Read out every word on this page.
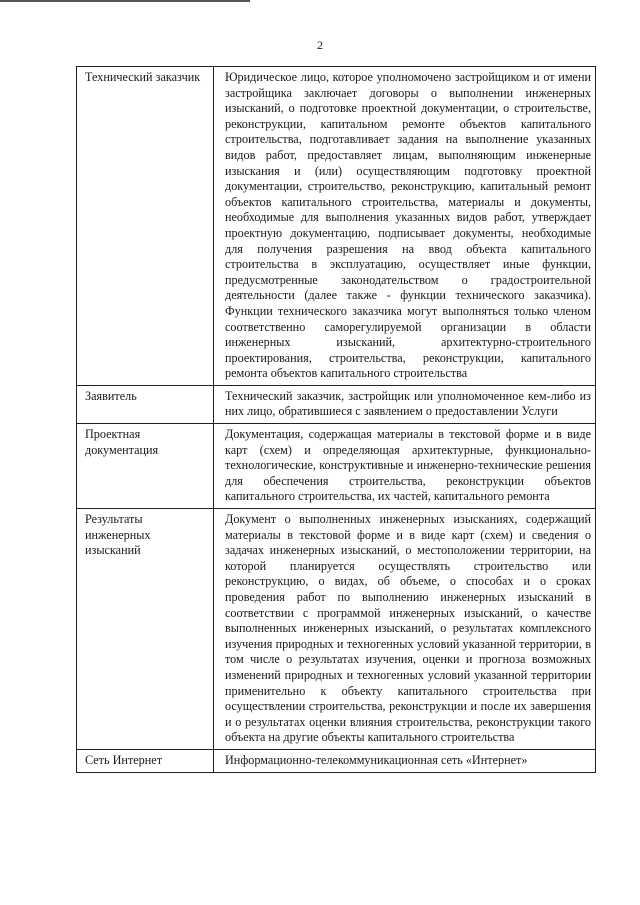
2
Технический заказчик	Юридическое лицо, которое уполномочено застройщиком и от имени застройщика заключает договоры о выполнении инженерных изысканий, о подготовке проектной документации, о строительстве, реконструкции, капитальном ремонте объектов капитального строительства, подготавливает задания на выполнение указанных видов работ, предоставляет лицам, выполняющим инженерные изыскания и (или) осуществляющим подготовку проектной документации, строительство, реконструкцию, капитальный ремонт объектов капитального строительства, материалы и документы, необходимые для выполнения указанных видов работ, утверждает проектную документацию, подписывает документы, необходимые для получения разрешения на ввод объекта капитального строительства в эксплуатацию, осуществляет иные функции, предусмотренные законодательством о градостроительной деятельности (далее также - функции технического заказчика). Функции технического заказчика могут выполняться только членом соответственно саморегулируемой организации в области инженерных изысканий, архитектурно-строительного проектирования, строительства, реконструкции, капитального ремонта объектов капитального строительства
Заявитель	Технический заказчик, застройщик или уполномоченное кем-либо из них лицо, обратившиеся с заявлением о предоставлении Услуги
Проектная документация	Документация, содержащая материалы в текстовой форме и в виде карт (схем) и определяющая архитектурные, функционально-технологические, конструктивные и инженерно-технические решения для обеспечения строительства, реконструкции объектов капитального строительства, их частей, капитального ремонта
Результаты инженерных изысканий	Документ о выполненных инженерных изысканиях, содержащий материалы в текстовой форме и в виде карт (схем) и сведения о задачах инженерных изысканий, о местоположении территории, на которой планируется осуществлять строительство или реконструкцию, о видах, об объеме, о способах и о сроках проведения работ по выполнению инженерных изысканий в соответствии с программой инженерных изысканий, о качестве выполненных инженерных изысканий, о результатах комплексного изучения природных и техногенных условий указанной территории, в том числе о результатах изучения, оценки и прогноза возможных изменений природных и техногенных условий указанной территории применительно к объекту капитального строительства при осуществлении строительства, реконструкции и после их завершения и о результатах оценки влияния строительства, реконструкции такого объекта на другие объекты капитального строительства
Сеть Интернет	Информационно-телекоммуникационная сеть «Интернет»
